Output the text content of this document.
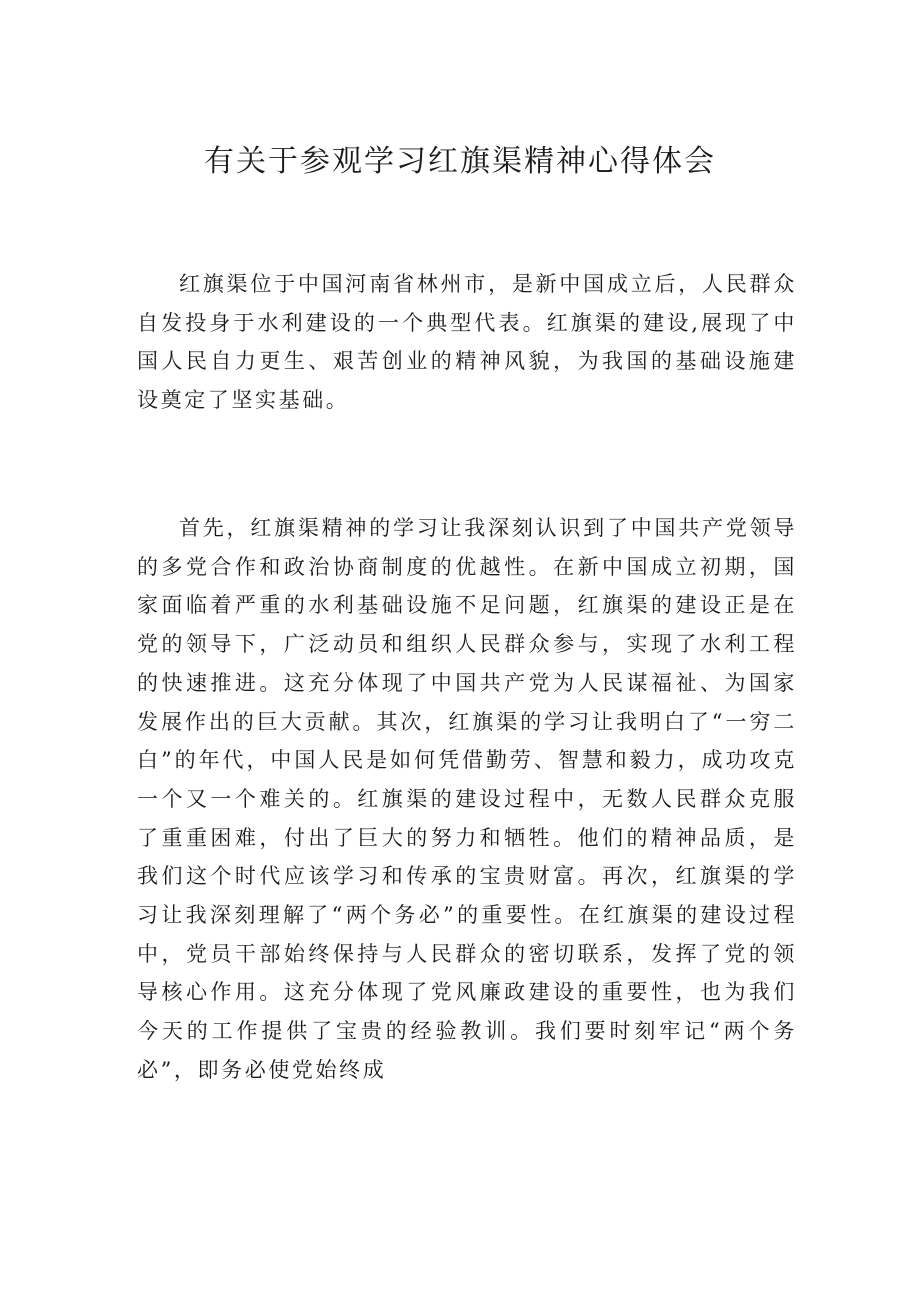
有关于参观学习红旗渠精神心得体会

红旗渠位于中国河南省林州市，是新中国成立后，人民群众自发投身于水利建设的一个典型代表。红旗渠的建设,展现了中国人民自力更生、艰苦创业的精神风貌，为我国的基础设施建设奠定了坚实基础。

首先，红旗渠精神的学习让我深刻认识到了中国共产党领导的多党合作和政治协商制度的优越性。在新中国成立初期，国家面临着严重的水利基础设施不足问题，红旗渠的建设正是在党的领导下，广泛动员和组织人民群众参与，实现了水利工程的快速推进。这充分体现了中国共产党为人民谋福祉、为国家发展作出的巨大贡献。其次，红旗渠的学习让我明白了“一穷二白”的年代，中国人民是如何凭借勤劳、智慧和毅力，成功攻克一个又一个难关的。红旗渠的建设过程中，无数人民群众克服了重重困难，付出了巨大的努力和牺牲。他们的精神品质，是我们这个时代应该学习和传承的宝贵财富。再次，红旗渠的学习让我深刻理解了“两个务必”的重要性。在红旗渠的建设过程中，党员干部始终保持与人民群众的密切联系，发挥了党的领导核心作用。这充分体现了党风廉政建设的重要性，也为我们今天的工作提供了宝贵的经验教训。我们要时刻牢记“两个务必”，即务必使党始终成
